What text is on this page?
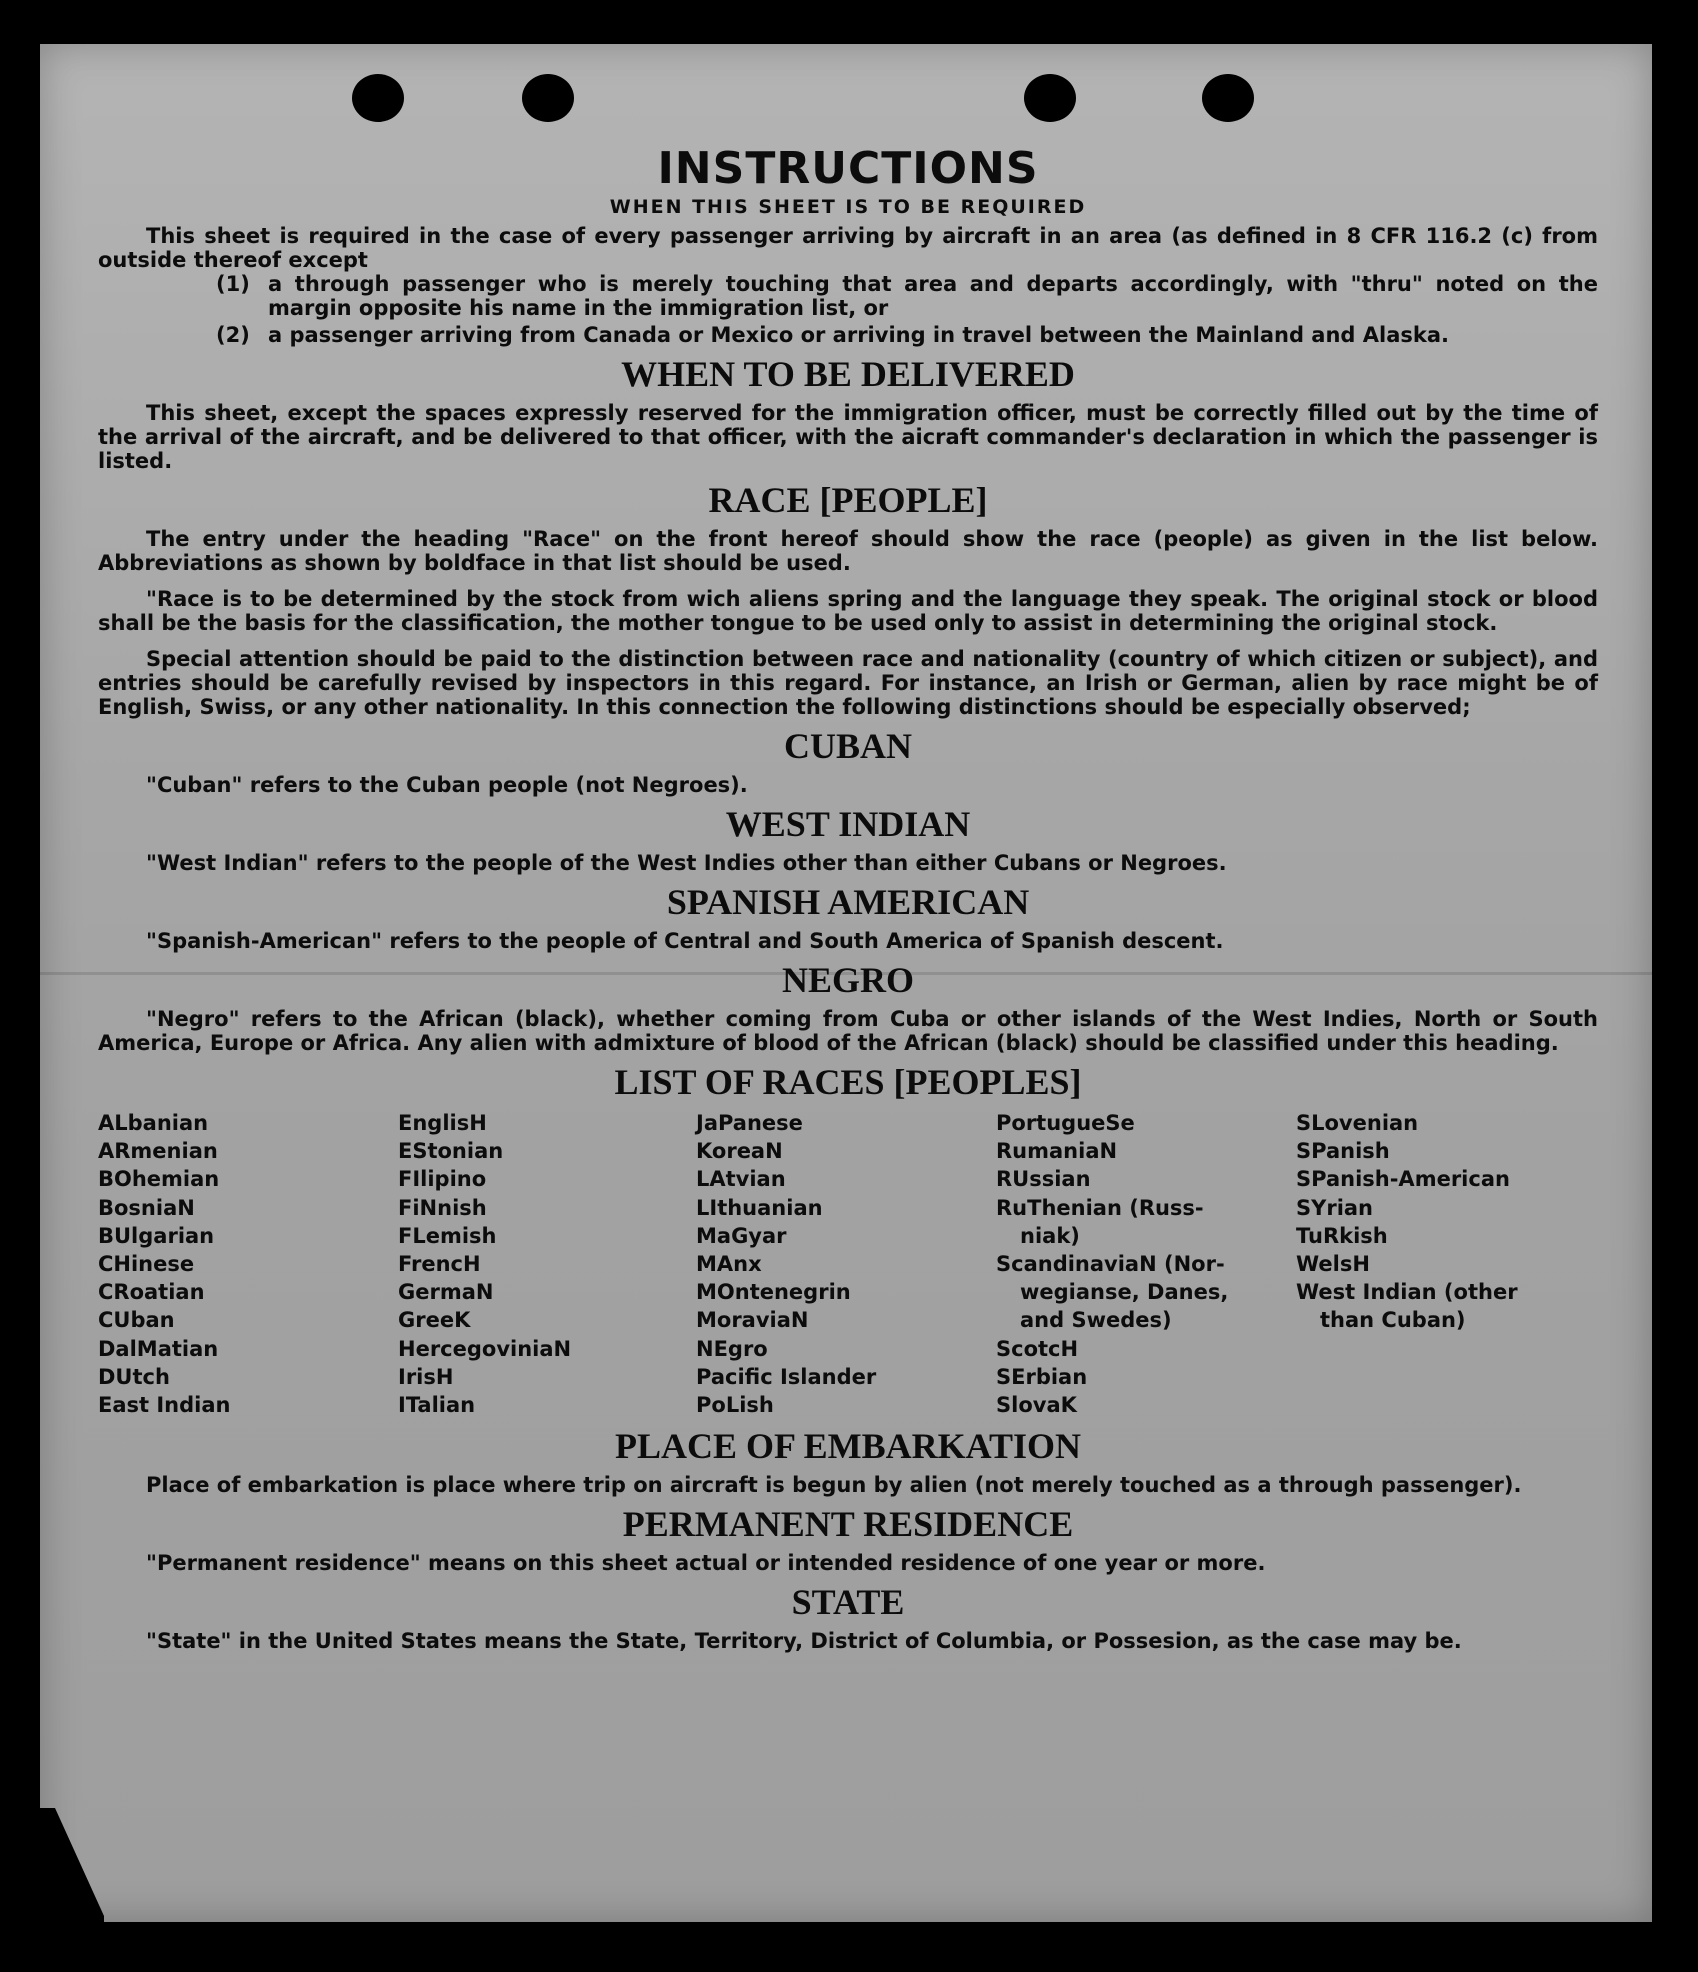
INSTRUCTIONS
WHEN THIS SHEET IS TO BE REQUIRED

This sheet is required in the case of every passenger arriving by aircraft in an area (as defined in 8 CFR 116.2 (c) from outside thereof except

(1) a through passenger who is merely touching that area and departs accordingly, with "thru" noted on the margin opposite his name in the immigration list, or

(2) a passenger arriving from Canada or Mexico or arriving in travel between the Mainland and Alaska.

WHEN TO BE DELIVERED

This sheet, except the spaces expressly reserved for the immigration officer, must be correctly filled out by the time of the arrival of the aircraft, and be delivered to that officer, with the aicraft commander's declaration in which the passenger is listed.

RACE [PEOPLE]

The entry under the heading "Race" on the front hereof should show the race (people) as given in the list below. Abbreviations as shown by boldface in that list should be used.

"Race is to be determined by the stock from wich aliens spring and the language they speak. The original stock or blood shall be the basis for the classification, the mother tongue to be used only to assist in determining the original stock.

Special attention should be paid to the distinction between race and nationality (country of which citizen or subject), and entries should be carefully revised by inspectors in this regard. For instance, an Irish or German, alien by race might be of English, Swiss, or any other nationality. In this connection the following distinctions should be especially observed;

CUBAN

"Cuban" refers to the Cuban people (not Negroes).

WEST INDIAN

"West Indian" refers to the people of the West Indies other than either Cubans or Negroes.

SPANISH AMERICAN

"Spanish-American" refers to the people of Central and South America of Spanish descent.

NEGRO

"Negro" refers to the African (black), whether coming from Cuba or other islands of the West Indies, North or South America, Europe or Africa. Any alien with admixture of blood of the African (black) should be classified under this heading.

LIST OF RACES [PEOPLES]
ALbanian
ARmenian
BOhemian
BosniaN
BUlgarian
CHinese
CRoatian
CUban
DalMatian
DUtch
East Indian
EnglisH
EStonian
FIlipino
FiNnish
FLemish
FrencH
GermaN
GreeK
HercegoviniaN
IrisH
ITalian
JaPanese
KoreaN
LAtvian
LIthuanian
MaGyar
MAnx
MOntenegrin
MoraviaN
NEgro
Pacific Islander
PoLish
PortugueSe
RumaniaN
RUssian
RuThenian (Russ-
niak)
ScandinaviaN (Nor-
wegianse, Danes,
and Swedes)
ScotcH
SErbian
SlovaK
SLovenian
SPanish
SPanish-American
SYrian
TuRkish
WelsH
West Indian (other
than Cuban)
PLACE OF EMBARKATION

Place of embarkation is place where trip on aircraft is begun by alien (not merely touched as a through passenger).

PERMANENT RESIDENCE

"Permanent residence" means on this sheet actual or intended residence of one year or more.

STATE

"State" in the United States means the State, Territory, District of Columbia, or Possesion, as the case may be.
